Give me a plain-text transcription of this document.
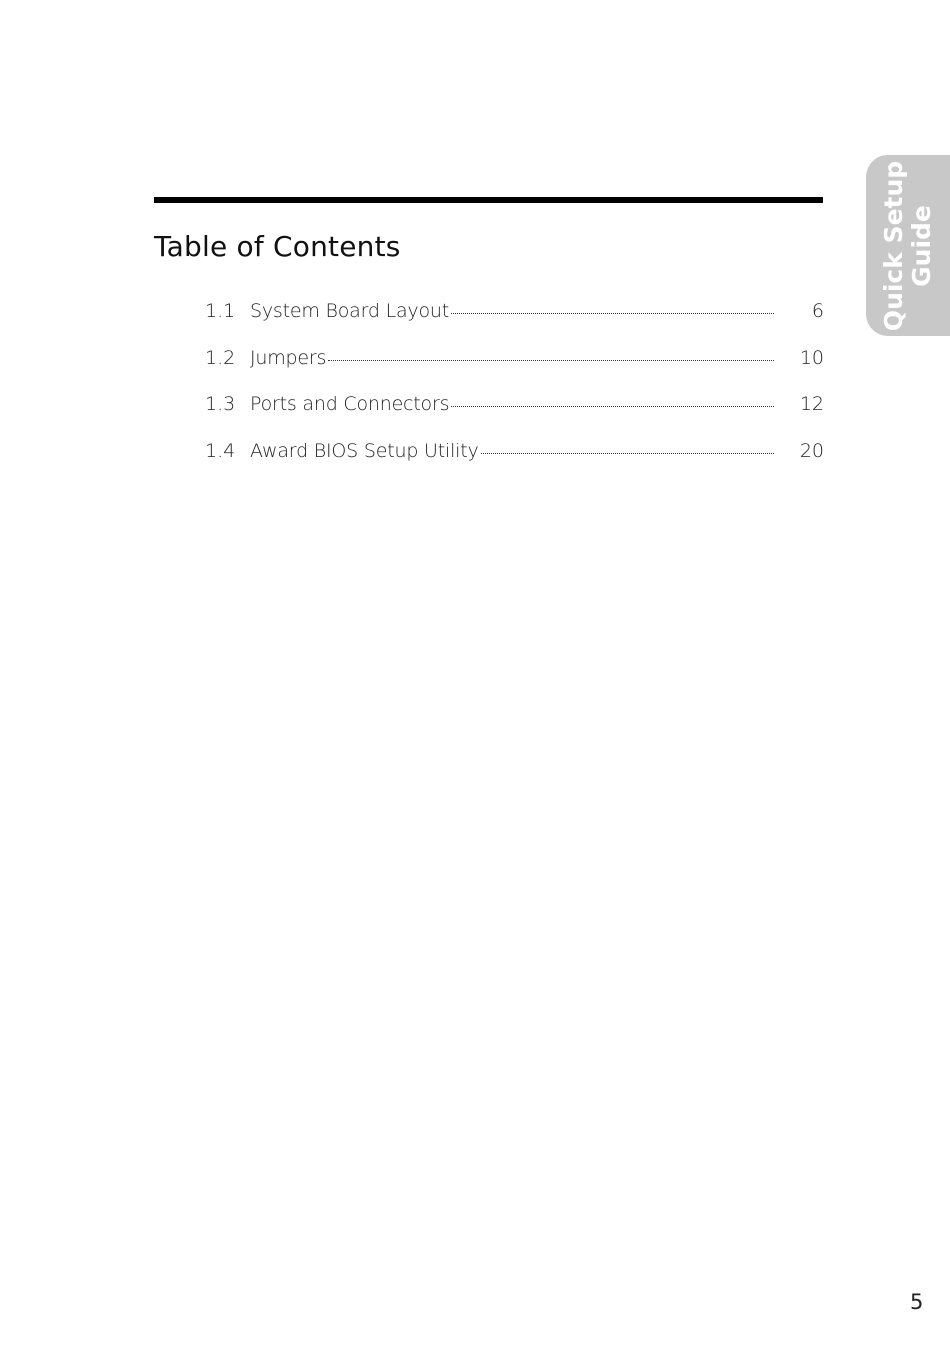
Table of Contents
1.1 System Board Layout	6
1.2 Jumpers	10
1.3 Ports and Connectors	12
1.4 Award BIOS Setup Utility	20
Quick Setup Guide
5
